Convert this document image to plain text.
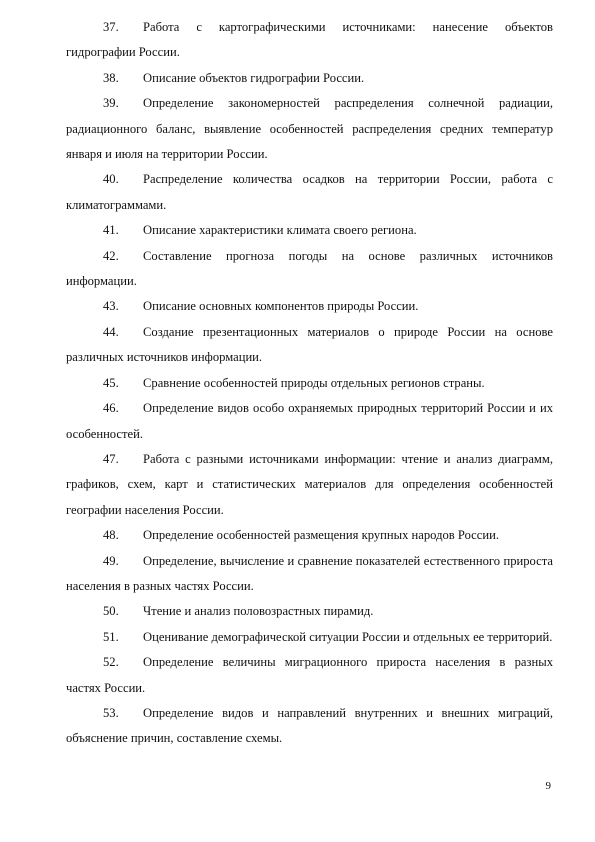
37. Работа с картографическими источниками: нанесение объектов гидрографии России.

38. Описание объектов гидрографии России.

39. Определение закономерностей распределения солнечной радиации, радиационного баланс, выявление особенностей распределения средних температур января и июля на территории России.

40. Распределение количества осадков на территории России, работа с климатограммами.

41. Описание характеристики климата своего региона.

42. Составление прогноза погоды на основе различных источников информации.

43. Описание основных компонентов природы России.

44. Создание презентационных материалов о природе России на основе различных источников информации.

45. Сравнение особенностей природы отдельных регионов страны.

46. Определение видов особо охраняемых природных территорий России и их особенностей.

47. Работа с разными источниками информации: чтение и анализ диаграмм, графиков, схем, карт и статистических материалов для определения особенностей географии населения России.

48. Определение особенностей размещения крупных народов России.

49. Определение, вычисление и сравнение показателей естественного прироста населения в разных частях России.

50. Чтение и анализ половозрастных пирамид.

51. Оценивание демографической ситуации России и отдельных ее территорий.

52. Определение величины миграционного прироста населения в разных частях России.

53. Определение видов и направлений внутренних и внешних миграций, объяснение причин, составление схемы.

9
